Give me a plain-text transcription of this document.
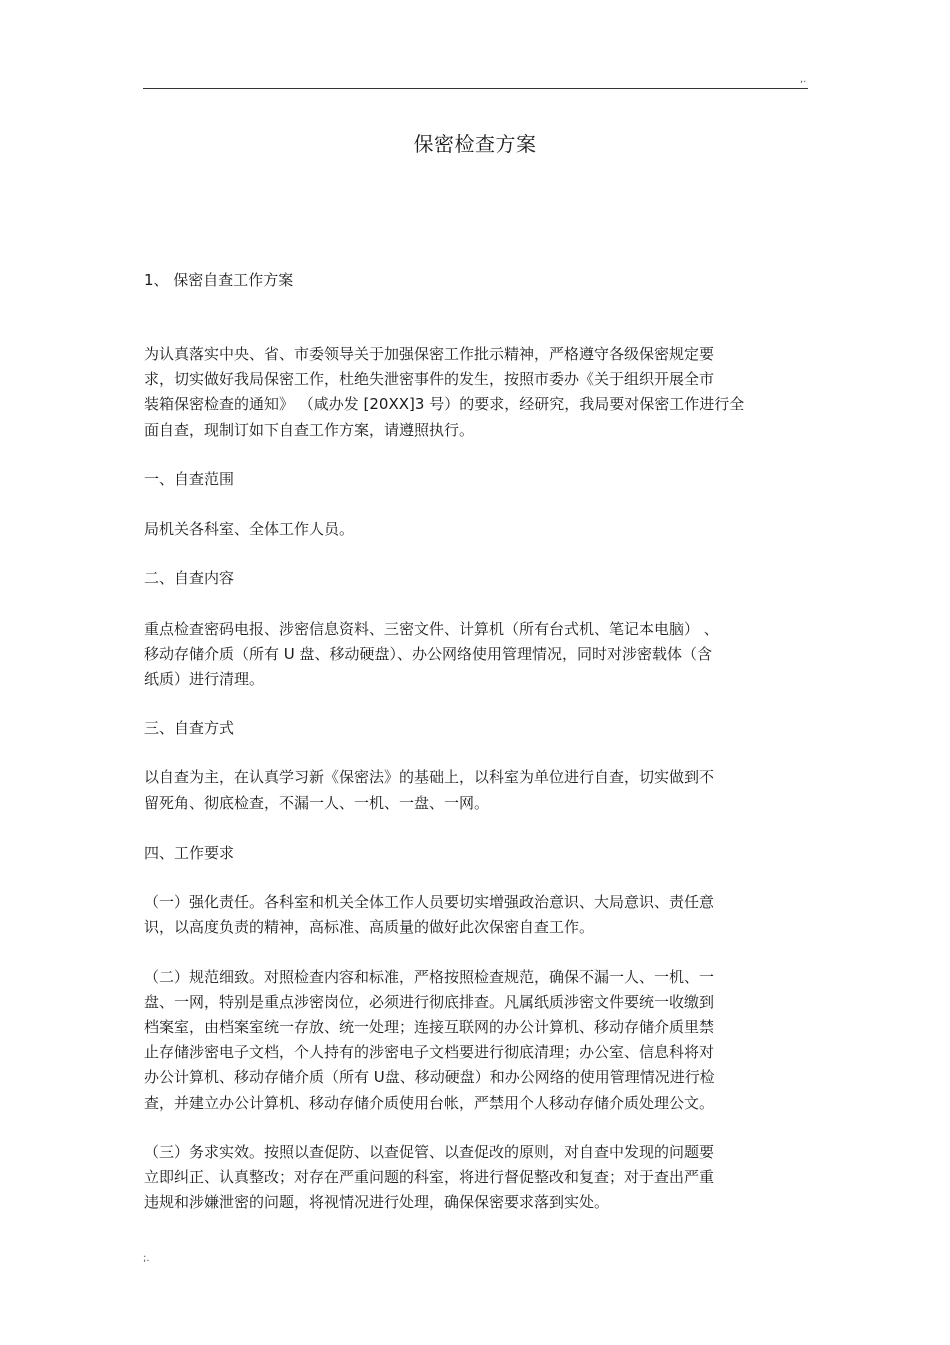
,.
保密检查方案
1、 保密自查工作方案
为认真落实中央、省、市委领导关于加强保密工作批示精神，严格遵守各级保密规定要
求，切实做好我局保密工作，杜绝失泄密事件的发生，按照市委办《关于组织开展全市
装箱保密检查的通知》 （咸办发 [20XX]3 号）的要求，经研究，我局要对保密工作进行全
面自查，现制订如下自查工作方案，请遵照执行。
一、自查范围
局机关各科室、全体工作人员。
二、自查内容
重点检查密码电报、涉密信息资料、三密文件、计算机（所有台式机、笔记本电脑） 、
移动存储介质（所有 U 盘、移动硬盘）、办公网络使用管理情况，同时对涉密载体（含
纸质）进行清理。
三、自查方式
以自查为主，在认真学习新《保密法》的基础上，以科室为单位进行自查，切实做到不
留死角、彻底检查，不漏一人、一机、一盘、一网。
四、工作要求
（一）强化责任。各科室和机关全体工作人员要切实增强政治意识、大局意识、责任意
识，以高度负责的精神，高标准、高质量的做好此次保密自查工作。
（二）规范细致。对照检查内容和标准，严格按照检查规范，确保不漏一人、一机、一
盘、一网，特别是重点涉密岗位，必须进行彻底排查。凡属纸质涉密文件要统一收缴到
档案室，由档案室统一存放、统一处理；连接互联网的办公计算机、移动存储介质里禁
止存储涉密电子文档，个人持有的涉密电子文档要进行彻底清理；办公室、信息科将对
办公计算机、移动存储介质（所有 U盘、移动硬盘）和办公网络的使用管理情况进行检
查，并建立办公计算机、移动存储介质使用台帐，严禁用个人移动存储介质处理公文。
（三）务求实效。按照以查促防、以查促管、以查促改的原则，对自查中发现的问题要
立即纠正、认真整改；对存在严重问题的科室，将进行督促整改和复查；对于查出严重
违规和涉嫌泄密的问题，将视情况进行处理，确保保密要求落到实处。
;.
